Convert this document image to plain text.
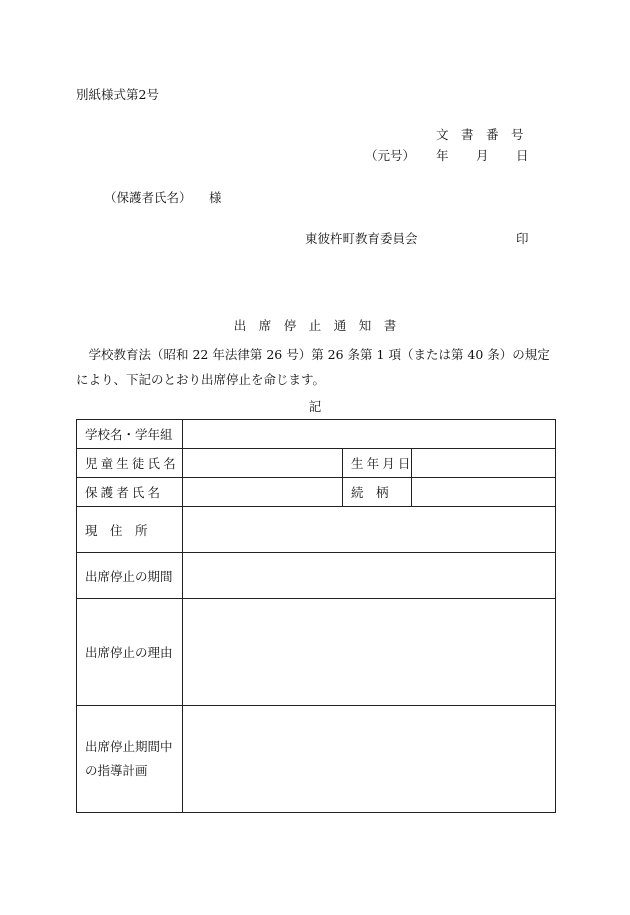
別紙様式第2号
文　書　番　号
（元号） 年 月 日
（保護者氏名） 様
東彼杵町教育委員会	印
出　席　停　止　通　知　書
　学校教育法（昭和 22 年法律第 26 号）第 26 条第 1 項（または第 40 条）の規定
により、下記のとおり出席停止を命じます。
記
学校名・学年組			
児童生徒氏名		生年月日	
保護者氏名		続　柄	
現　住　所			
出席停止の期間			
出席停止の理由			

出席停止期間中
の指導計画			
